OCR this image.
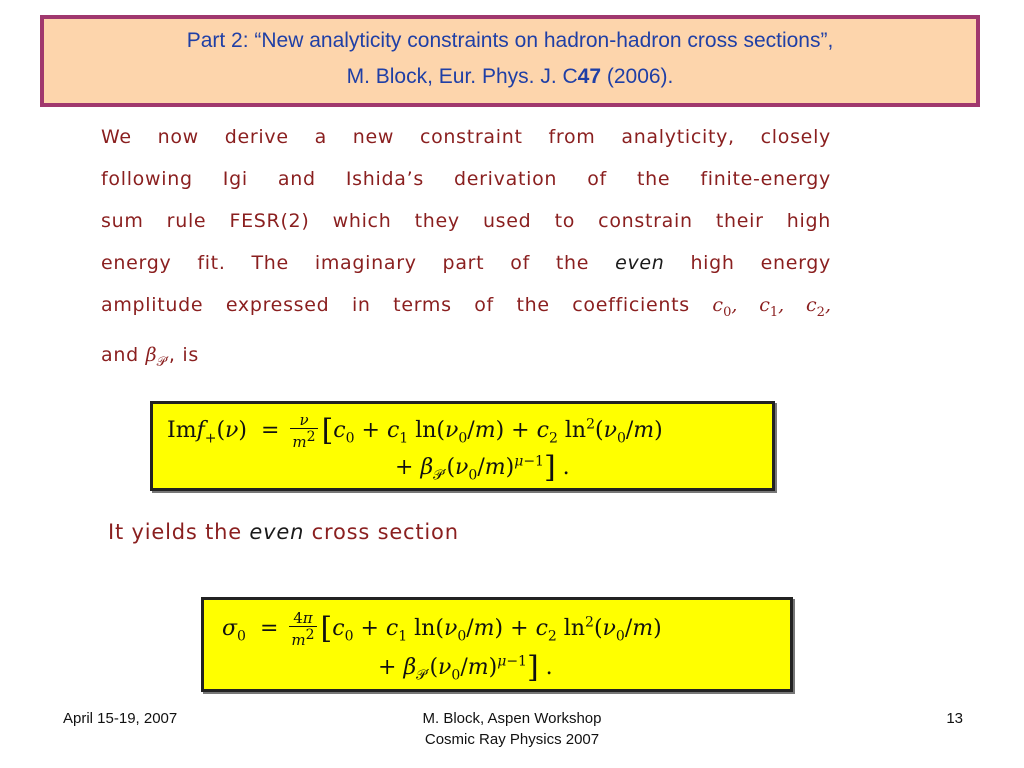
Part 2: “New analyticity constraints on hadron-hadron cross sections”,
M. Block, Eur. Phys. J. C47 (2006).
We now derive a new constraint from analyticity, closely
following Igi and Ishida’s derivation of the finite-energy
sum rule FESR(2) which they used to constrain their high
energy fit. The imaginary part of the even high energy
amplitude expressed in terms of the coefficients $c_0$, $c_1$, $c_2$,
and $\beta_{𝒫'}$, is
$Imf_+(\nu) = \frac{\nu}{m^2} [c_0 + c_1$ $\ln(\nu_0/m) + c_2$ $\ln^2(\nu_0/m)$
+ $\beta_{𝒫'}(\nu_0/m)^{\mu-1}$] .
It yields the even cross section
$\sigma_0 = \frac{4\pi}{m^2} [c_0 + c_1$ $\ln(\nu_0/m) + c_2$ $\ln^2(\nu_0/m)$
+ $\beta_{𝒫'}(\nu_0/m)^{\mu-1}$] .
April 15-19, 2007	M. Block, Aspen Workshop
Cosmic Ray Physics 2007
13
